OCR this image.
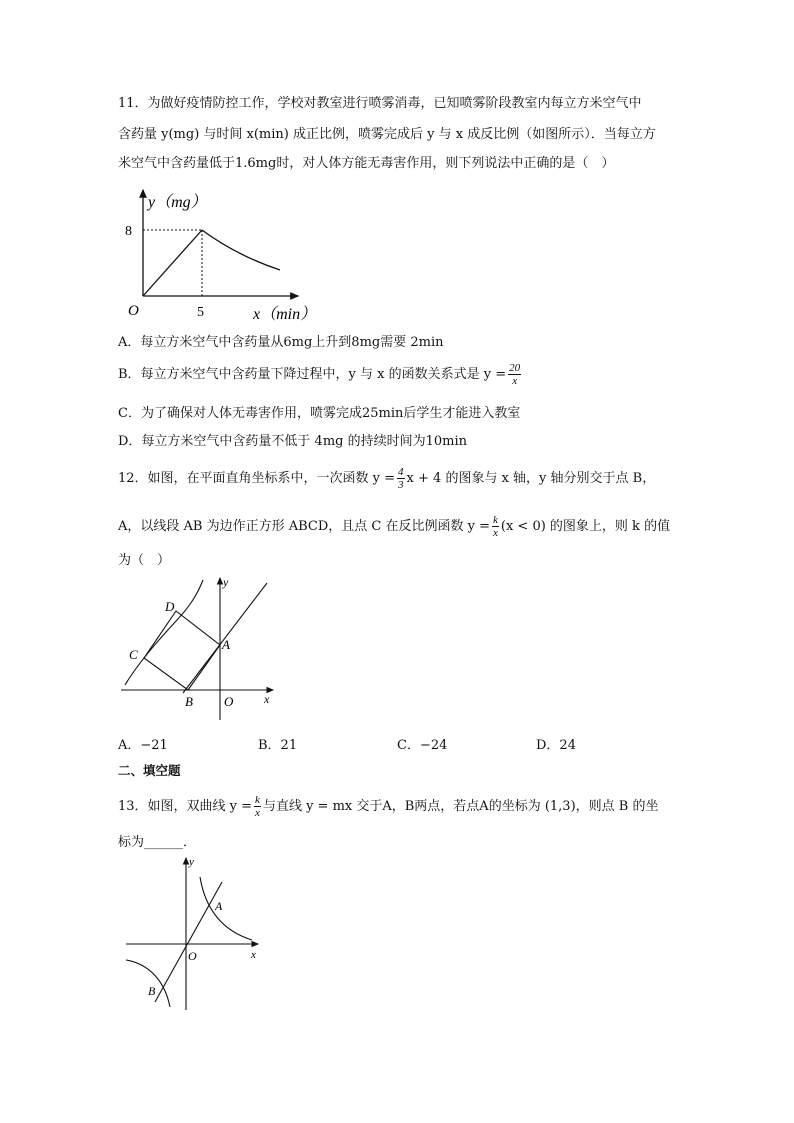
11．为做好疫情防控工作，学校对教室进行喷雾消毒，已知喷雾阶段教室内每立方米空气中
含药量 y(mg) 与时间 x(min) 成正比例，喷雾完成后 y 与 x 成反比例（如图所示）．当每立方
米空气中含药量低于1.6mg时，对人体方能无毒害作用，则下列说法中正确的是（　）
y（mg）
8
O	5	x（min）
A．每立方米空气中含药量从6mg上升到8mg需要 2min
B．每立方米空气中含药量下降过程中，y 与 x 的函数关系式是 $y = \frac{20}{x}$
C．为了确保对人体无毒害作用，喷雾完成25min后学生才能进入教室
D．每立方米空气中含药量不低于 4mg 的持续时间为10min
12．如图，在平面直角坐标系中，一次函数 $y = \frac{4}{3}$ x + 4 的图象与 x 轴，y 轴分别交于点 B，
A，以线段 AB 为边作正方形 ABCD，且点 C 在反比例函数 $y = \frac{k}{x} (x < 0)$ 的图象上，则 k 的值
为（　）
D
C
A
B O	x
y
A．−21	B．21	C．−24	D．24
二、填空题
13．如图，双曲线 $y = \frac{k}{x}$ 与直线 y = mx 交于A，B两点，若点A的坐标为 (1,3)，则点 B 的坐
标为______．
A
B
O	x
y
